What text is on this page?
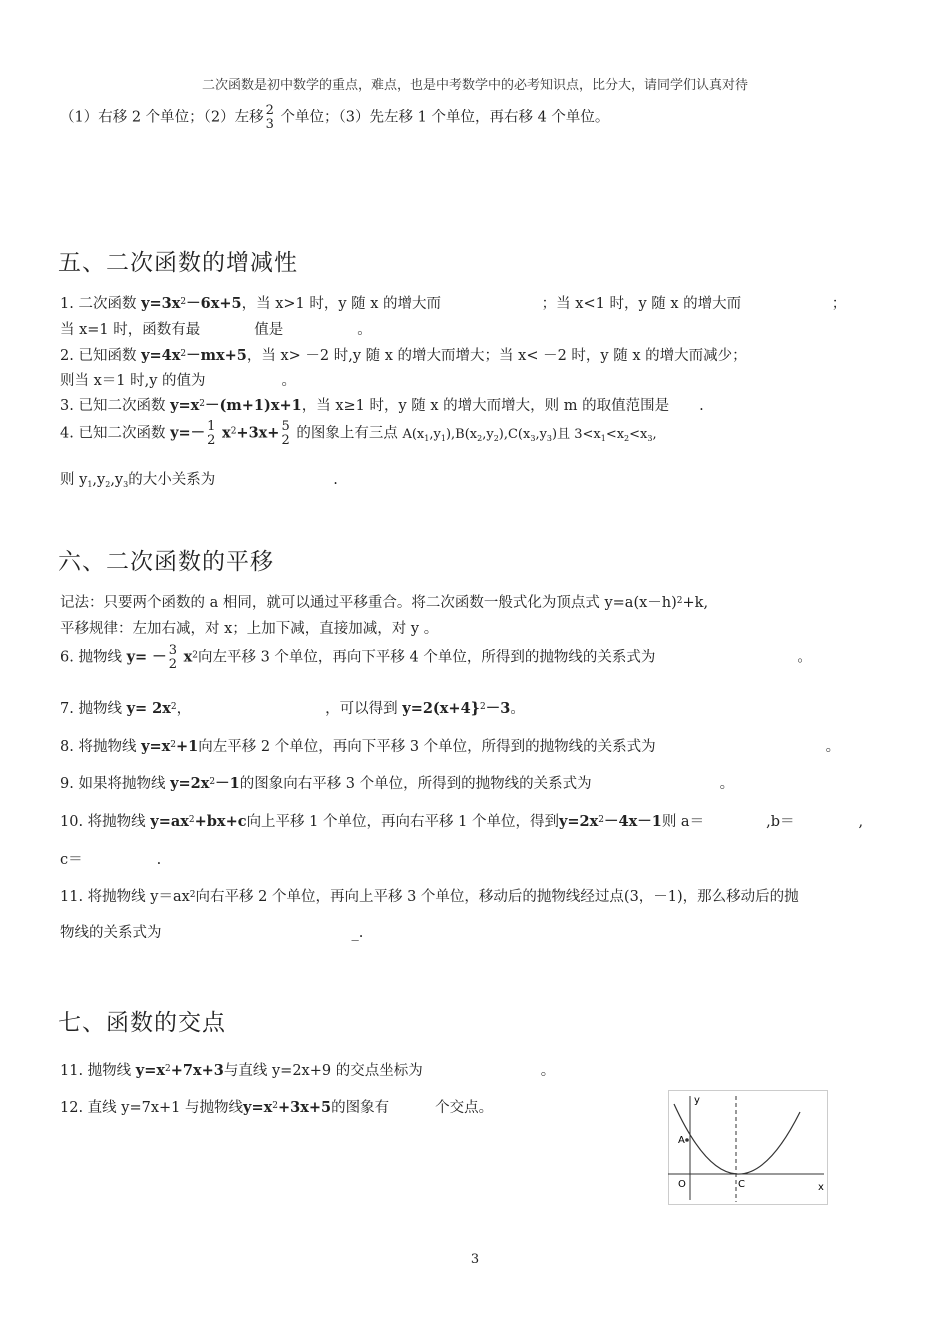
二次函数是初中数学的重点，难点，也是中考数学中的必考知识点，比分大，请同学们认真对待
（1）右移 2 个单位；（2）左移 2
3 个单位；（3）先左移 1 个单位，再右移 4 个单位。
五、二次函数的增减性
1. 二次函数 $y=3x^2-6x+5$，当 x>1 时，y 随 x 的增大而	；当 x<1 时，y 随 x 的增大而	；
当 x=1 时，函数有最	值是	。
2. 已知函数 $y=4x^2-mx+5$，当 x> －2 时,y 随 x 的增大而增大；当 x< －2 时，y 随 x 的增大而减少；
则当 x＝1 时,y 的值为	。
3. 已知二次函数 $y=x^2-(m+1)x+1$，当 x≥1 时，y 随 x 的增大而增大，则 m 的取值范围是 .
4. 已知二次函数 y=－ 1
2 $x^2+3x+ 5$
2 的图象上有三点 $A(x_1,y_1),B(x_2,y_2),C(x_3,y_3)$且 $3<x_1<x_2<x_3$,
则 $y_1,y_2,y_3$的大小关系为	.
六、二次函数的平移
记法：只要两个函数的 a 相同，就可以通过平移重合。将二次函数一般式化为顶点式 $y=a(x-h)^2+k$,
平移规律：左加右减，对 x；上加下减，直接加减，对 y 。
6. 抛物线 y= － 3
2 $x^2$向左平移 3 个单位，再向下平移 4 个单位，所得到的抛物线的关系式为	。
7. 抛物线 $y= 2x^2$，	，可以得到 y=2(x+4}$^2$－3。
8. 将抛物线 $y=x^2+1$向左平移 2 个单位，再向下平移 3 个单位，所得到的抛物线的关系式为	。
9. 如果将抛物线 $y=2x^2-1$的图象向右平移 3 个单位，所得到的抛物线的关系式为	。
10. 将抛物线 $y=ax^2+bx+c$向上平移 1 个单位，再向右平移 1 个单位，得到$y=2x^2-4x-1$则 a＝	,b＝	,
c＝	.
11. 将抛物线 $y=ax^2$向右平移 2 个单位，再向上平移 3 个单位，移动后的抛物线经过点(3，－1)，那么移动后的抛
物线的关系式为	_.
七、函数的交点
11. 抛物线 $y=x^2+7x+3$与直线 y=2x+9 的交点坐标为	。
12. 直线 y=7x+1 与抛物线$y=x^2+3x+5$的图象有	个交点。	y
x
O
A
C
3
